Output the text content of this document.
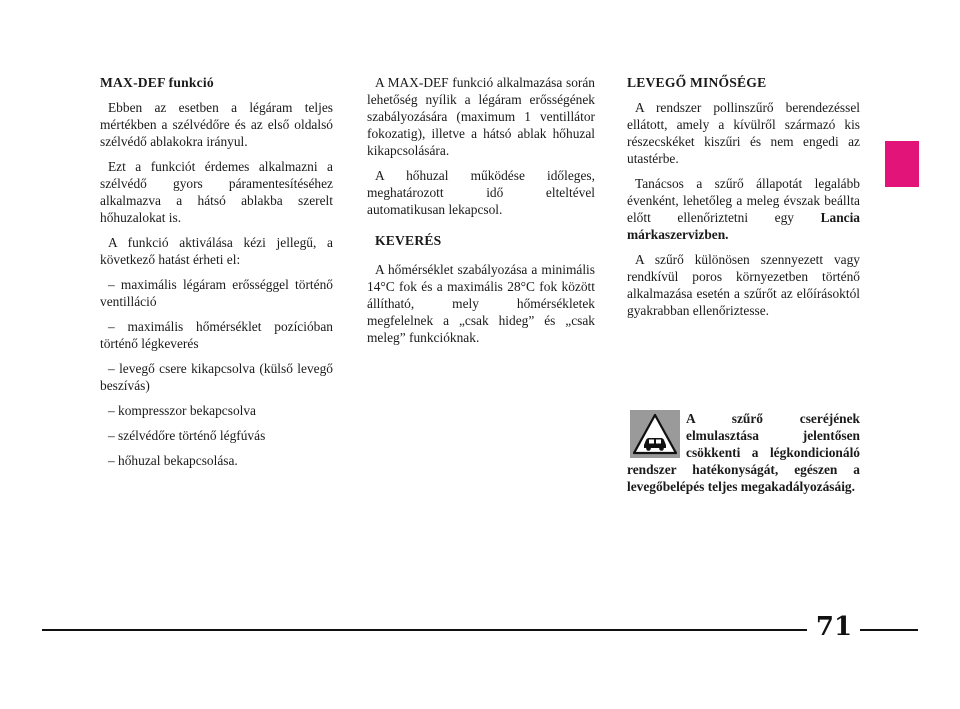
MAX-DEF funkció

Ebben az esetben a légáram teljes mértékben a szélvédőre és az első oldalsó szélvédő ablakokra irányul.

Ezt a funkciót érdemes alkalmazni a szélvédő gyors páramentesítéséhez alkalmazva a hátsó ablakba szerelt hőhuzalokat is.

A funkció aktiválása kézi jellegű, a következő hatást érheti el:

– maximális légáram erősséggel történő ventilláció
– maximális hőmérséklet pozícióban történő légkeverés
– levegő csere kikapcsolva (külső levegő beszívás)
– kompresszor bekapcsolva
– szélvédőre történő légfúvás
– hőhuzal bekapcsolása.

A MAX-DEF funkció alkalmazása során lehetőség nyílik a légáram erősségének szabályozására (maximum 1 ventillátor fokozatig), illetve a hátsó ablak hőhuzal kikapcsolására.

A hőhuzal működése időleges, meghatározott idő elteltével automatikusan lekapcsol.

KEVERÉS

A hőmérséklet szabályozása a minimális 14°C fok és a maximális 28°C fok között állítható, mely hőmérsékletek megfelelnek a „csak hideg” és „csak meleg” funkcióknak.

LEVEGŐ MINŐSÉGE

A rendszer pollinszűrő berendezéssel ellátott, amely a kívülről származó kis részecskéket kiszűri és nem engedi az utastérbe.

Tanácsos a szűrő állapotát legalább évenként, lehetőleg a meleg évszak beállta előtt ellenőriztetni egy Lancia márkaszervizben.

A szűrő különösen szennyezett vagy rendkívül poros környezetben történő alkalmazása esetén a szűrőt az előírásoktól gyakrabban ellenőriztesse.

A szűrő cseréjének elmulasztása jelentősen csökkenti a légkondicionáló rendszer hatékonyságát, egészen a levegőbelépés teljes megakadályozásáig.
71
